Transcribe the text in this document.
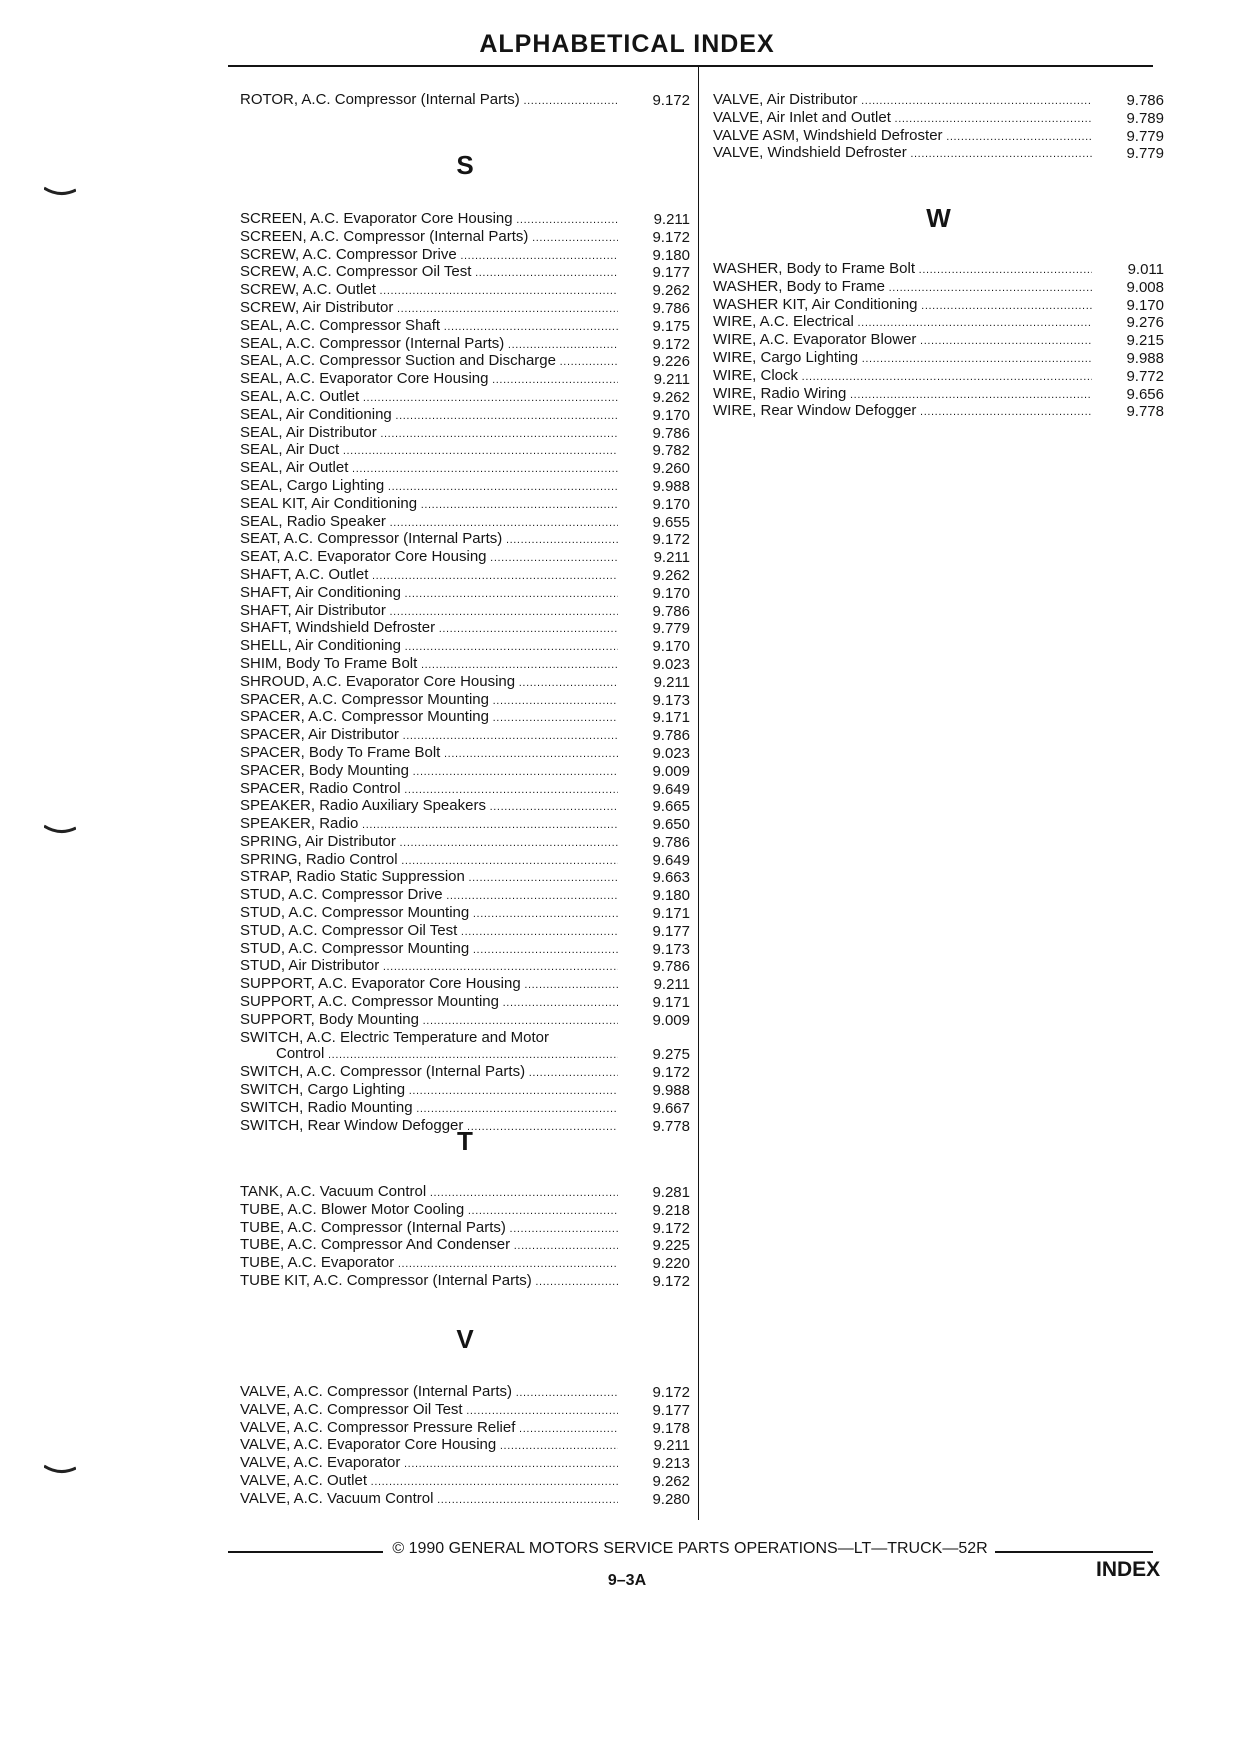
ALPHABETICAL INDEX
ROTOR, A.C. Compressor (Internal Parts) .....	9.172
S
SCREEN, A.C. Evaporator Core Housing .....	9.211
SCREEN, A.C. Compressor (Internal Parts) .....	9.172
SCREW, A.C. Compressor Drive .....	9.180
SCREW, A.C. Compressor Oil Test .....	9.177
SCREW, A.C. Outlet .....	9.262
SCREW, Air Distributor .....	9.786
SEAL, A.C. Compressor Shaft .....	9.175
SEAL, A.C. Compressor (Internal Parts) .....	9.172
SEAL, A.C. Compressor Suction and Discharge .....	9.226
SEAL, A.C. Evaporator Core Housing .....	9.211
SEAL, A.C. Outlet .....	9.262
SEAL, Air Conditioning .....	9.170
SEAL, Air Distributor .....	9.786
SEAL, Air Duct .....	9.782
SEAL, Air Outlet .....	9.260
SEAL, Cargo Lighting .....	9.988
SEAL KIT, Air Conditioning .....	9.170
SEAL, Radio Speaker .....	9.655
SEAT, A.C. Compressor (Internal Parts) .....	9.172
SEAT, A.C. Evaporator Core Housing .....	9.211
SHAFT, A.C. Outlet .....	9.262
SHAFT, Air Conditioning .....	9.170
SHAFT, Air Distributor .....	9.786
SHAFT, Windshield Defroster .....	9.779
SHELL, Air Conditioning .....	9.170
SHIM, Body To Frame Bolt .....	9.023
SHROUD, A.C. Evaporator Core Housing .....	9.211
SPACER, A.C. Compressor Mounting .....	9.173
SPACER, A.C. Compressor Mounting .....	9.171
SPACER, Air Distributor .....	9.786
SPACER, Body To Frame Bolt .....	9.023
SPACER, Body Mounting .....	9.009
SPACER, Radio Control .....	9.649
SPEAKER, Radio Auxiliary Speakers .....	9.665
SPEAKER, Radio .....	9.650
SPRING, Air Distributor .....	9.786
SPRING, Radio Control .....	9.649
STRAP, Radio Static Suppression .....	9.663
STUD, A.C. Compressor Drive .....	9.180
STUD, A.C. Compressor Mounting .....	9.171
STUD, A.C. Compressor Oil Test .....	9.177
STUD, A.C. Compressor Mounting .....	9.173
STUD, Air Distributor .....	9.786
SUPPORT, A.C. Evaporator Core Housing .....	9.211
SUPPORT, A.C. Compressor Mounting .....	9.171
SUPPORT, Body Mounting .....	9.009
SWITCH, A.C. Electric Temperature and Motor
Control .....	9.275
SWITCH, A.C. Compressor (Internal Parts) .....	9.172
SWITCH, Cargo Lighting .....	9.988
SWITCH, Radio Mounting .....	9.667
SWITCH, Rear Window Defogger .....	9.778
T
TANK, A.C. Vacuum Control .....	9.281
TUBE, A.C. Blower Motor Cooling .....	9.218
TUBE, A.C. Compressor (Internal Parts) .....	9.172
TUBE, A.C. Compressor And Condenser .....	9.225
TUBE, A.C. Evaporator .....	9.220
TUBE KIT, A.C. Compressor (Internal Parts) .....	9.172
V
VALVE, A.C. Compressor (Internal Parts) .....	9.172
VALVE, A.C. Compressor Oil Test .....	9.177
VALVE, A.C. Compressor Pressure Relief .....	9.178
VALVE, A.C. Evaporator Core Housing .....	9.211
VALVE, A.C. Evaporator .....	9.213
VALVE, A.C. Outlet .....	9.262
VALVE, A.C. Vacuum Control .....	9.280
VALVE, Air Distributor .....	9.786
VALVE, Air Inlet and Outlet .....	9.789
VALVE ASM, Windshield Defroster .....	9.779
VALVE, Windshield Defroster .....	9.779
W
WASHER, Body to Frame Bolt .....	9.011
WASHER, Body to Frame .....	9.008
WASHER KIT, Air Conditioning .....	9.170
WIRE, A.C. Electrical .....	9.276
WIRE, A.C. Evaporator Blower .....	9.215
WIRE, Cargo Lighting .....	9.988
WIRE, Clock .....	9.772
WIRE, Radio Wiring .....	9.656
WIRE, Rear Window Defogger .....	9.778
© 1990 GENERAL MOTORS SERVICE PARTS OPERATIONS—LT—TRUCK—52R
9–3A	INDEX
